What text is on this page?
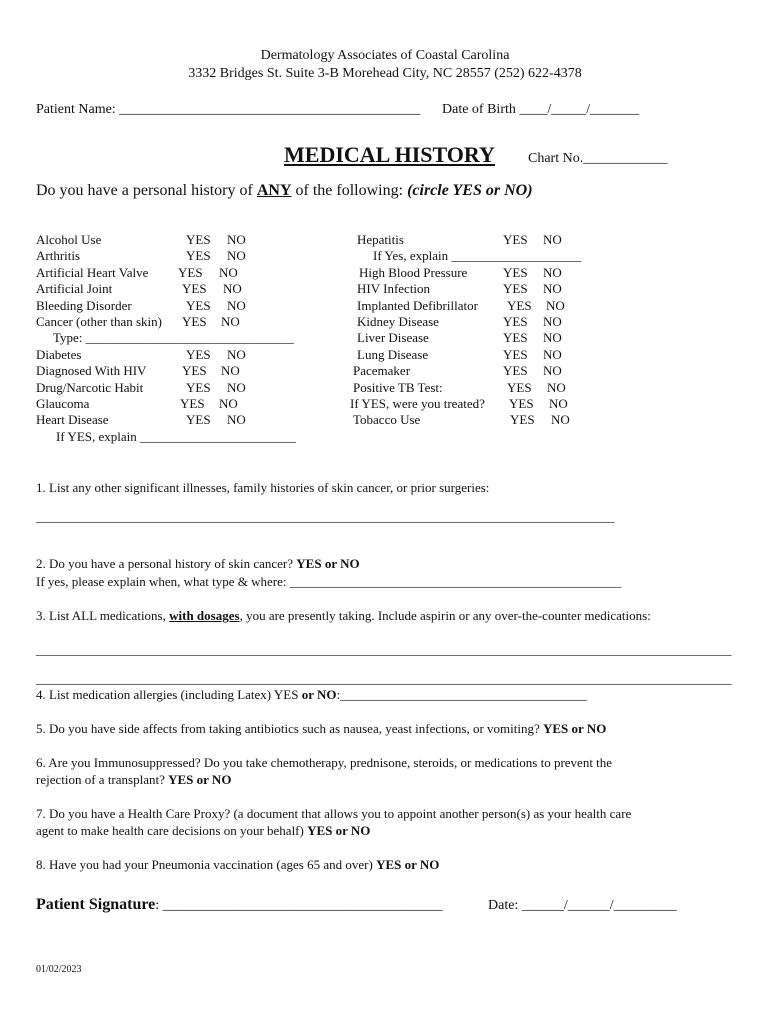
Dermatology Associates of Coastal Carolina
3332 Bridges St. Suite 3-B Morehead City, NC 28557 (252) 622-4378
Patient Name: ___________________________________________ Date of Birth ____/_____/_______
MEDICAL HISTORY Chart No.____________
Do you have a personal history of ANY of the following: (circle YES or NO)
Alcohol Use	YES NO
Arthritis	YES NO
Artificial Heart Valve YES NO
Artificial Joint	YES NO
Bleeding Disorder	YES NO
Cancer (other than skin) YES NO
Type: ________________________________
Diabetes	YES NO
Diagnosed With HIV	YES NO
Drug/Narcotic Habit	YES NO
Glaucoma	YES NO
Heart Disease	YES NO
If YES, explain ________________________
Hepatitis	YES NO
If Yes, explain ____________________
High Blood Pressure	YES NO
HIV Infection	YES NO
Implanted Defibrillator YES NO
Kidney Disease	YES NO
Liver Disease	YES NO
Lung Disease	YES NO
Pacemaker	YES NO
Positive TB Test:	YES NO
If YES, were you treated? YES NO
Tobacco Use	YES NO
1. List any other significant illnesses, family histories of skin cancer, or prior surgeries:
_________________________________________________________________________________________
2. Do you have a personal history of skin cancer? YES or NO
If yes, please explain when, what type & where: ___________________________________________________
3. List ALL medications, with dosages, you are presently taking. Include aspirin or any over-the-counter medications:
___________________________________________________________________________________________________________
___________________________________________________________________________________________________________
4. List medication allergies (including Latex) YES or NO:______________________________________
5. Do you have side affects from taking antibiotics such as nausea, yeast infections, or vomiting? YES or NO
6. Are you Immunosuppressed? Do you take chemotherapy, prednisone, steroids, or medications to prevent the
rejection of a transplant? YES or NO
7. Do you have a Health Care Proxy? (a document that allows you to appoint another person(s) as your health care
agent to make health care decisions on your behalf) YES or NO
8. Have you had your Pneumonia vaccination (ages 65 and over) YES or NO
Patient Signature: ________________________________________	Date: ______/______/_________
01/02/2023
